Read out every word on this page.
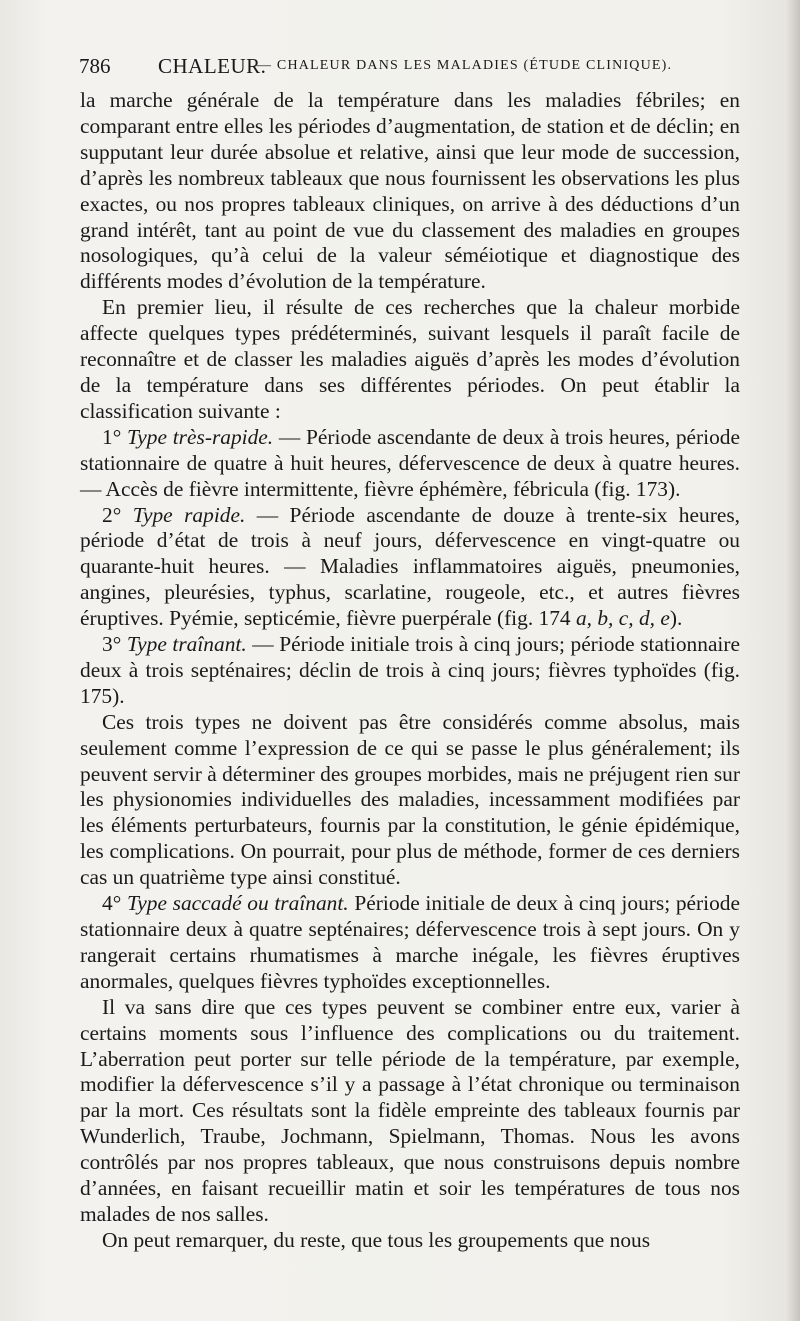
786 CHALEUR.
— CHALEUR DANS LES MALADIES (ÉTUDE CLINIQUE).

la marche générale de la température dans les maladies fébriles; en comparant entre elles les périodes d’augmentation, de station et de déclin; en supputant leur durée absolue et relative, ainsi que leur mode de succession, d’après les nombreux tableaux que nous fournissent les observations les plus exactes, ou nos propres tableaux cliniques, on arrive à des déductions d’un grand intérêt, tant au point de vue du classement des maladies en groupes nosologiques, qu’à celui de la valeur séméiotique et diagnostique des différents modes d’évolution de la température.

En premier lieu, il résulte de ces recherches que la chaleur morbide affecte quelques types prédéterminés, suivant lesquels il paraît facile de reconnaître et de classer les maladies aiguës d’après les modes d’évolution de la température dans ses différentes périodes. On peut établir la classification suivante :

1° Type très-rapide. — Période ascendante de deux à trois heures, période stationnaire de quatre à huit heures, défervescence de deux à quatre heures. — Accès de fièvre intermittente, fièvre éphémère, fébricula (fig. 173).

2° Type rapide. — Période ascendante de douze à trente-six heures, période d’état de trois à neuf jours, défervescence en vingt-quatre ou quarante-huit heures. — Maladies inflammatoires aiguës, pneumonies, angines, pleurésies, typhus, scarlatine, rougeole, etc., et autres fièvres éruptives. Pyémie, septicémie, fièvre puerpérale (fig. 174 a, b, c, d, e).

3° Type traînant. — Période initiale trois à cinq jours; période stationnaire deux à trois septénaires; déclin de trois à cinq jours; fièvres typhoïdes (fig. 175).

Ces trois types ne doivent pas être considérés comme absolus, mais seulement comme l’expression de ce qui se passe le plus généralement; ils peuvent servir à déterminer des groupes morbides, mais ne préjugent rien sur les physionomies individuelles des maladies, incessamment modifiées par les éléments perturbateurs, fournis par la constitution, le génie épidémique, les complications. On pourrait, pour plus de méthode, former de ces derniers cas un quatrième type ainsi constitué.

4° Type saccadé ou traînant. Période initiale de deux à cinq jours; période stationnaire deux à quatre septénaires; défervescence trois à sept jours. On y rangerait certains rhumatismes à marche inégale, les fièvres éruptives anormales, quelques fièvres typhoïdes exceptionnelles.

Il va sans dire que ces types peuvent se combiner entre eux, varier à certains moments sous l’influence des complications ou du traitement. L’aberration peut porter sur telle période de la température, par exemple, modifier la défervescence s’il y a passage à l’état chronique ou terminaison par la mort. Ces résultats sont la fidèle empreinte des tableaux fournis par Wunderlich, Traube, Jochmann, Spielmann, Thomas. Nous les avons contrôlés par nos propres tableaux, que nous construisons depuis nombre d’années, en faisant recueillir matin et soir les températures de tous nos malades de nos salles.

On peut remarquer, du reste, que tous les groupements que nous
